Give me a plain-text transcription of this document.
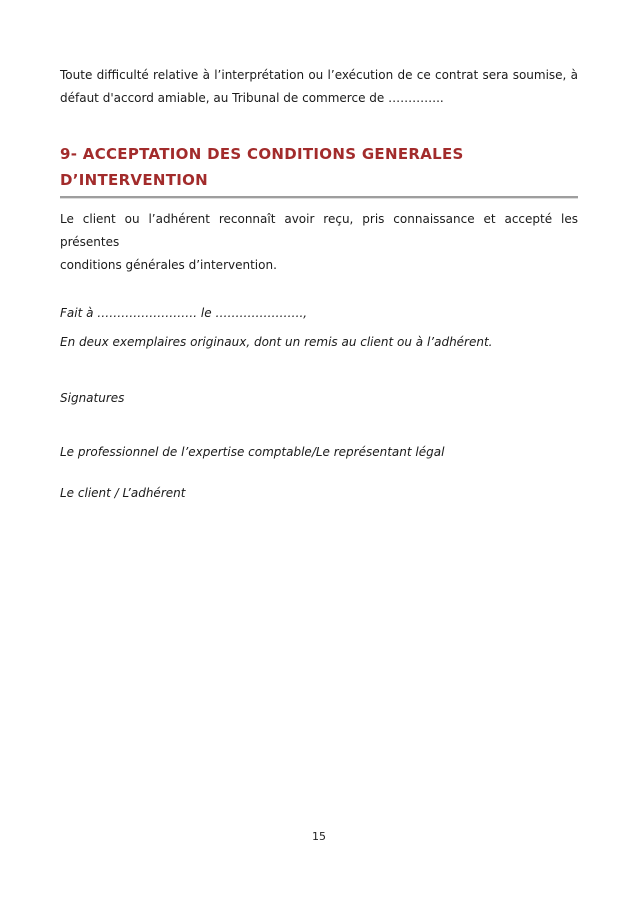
Toute difficulté relative à l’interprétation ou l’exécution de ce contrat sera soumise, à
défaut d'accord amiable, au Tribunal de commerce de …………..
9- ACCEPTATION DES CONDITIONS GENERALES
D’INTERVENTION
Le client ou l’adhérent reconnaît avoir reçu, pris connaissance et accepté les présentes
conditions générales d’intervention.
Fait à ……………………. le ………………….,
En deux exemplaires originaux, dont un remis au client ou à l’adhérent.
Signatures
Le professionnel de l’expertise comptable/Le représentant légal
Le client / L’adhérent
15
